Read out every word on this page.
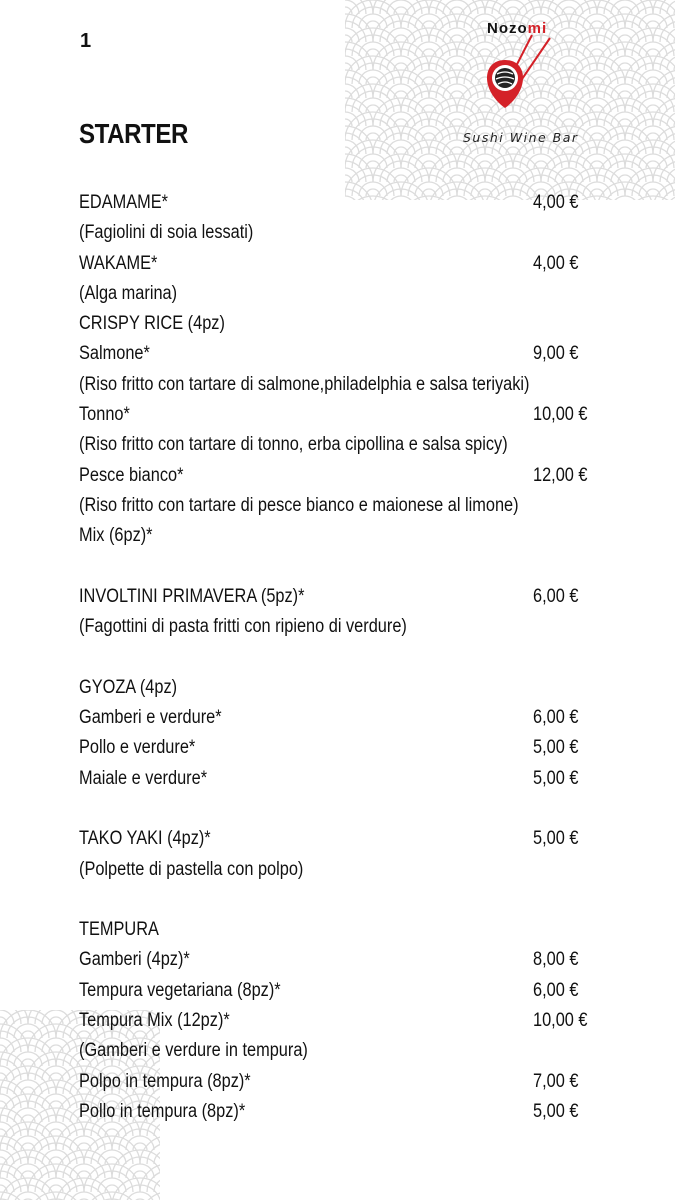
1
Nozomi
Sushi Wine Bar
STARTER
EDAMAME*	4,00 €
(Fagiolini di soia lessati)
WAKAME*	4,00 €
(Alga marina)
CRISPY RICE (4pz)
Salmone*	9,00 €
(Riso fritto con tartare di salmone,philadelphia e salsa teriyaki)
Tonno*	10,00 €
(Riso fritto con tartare di tonno, erba cipollina e salsa spicy)
Pesce bianco*	12,00 €
(Riso fritto con tartare di pesce bianco e maionese al limone)
Mix (6pz)*
INVOLTINI PRIMAVERA (5pz)*	6,00 €
(Fagottini di pasta fritti con ripieno di verdure)
GYOZA (4pz)
Gamberi e verdure*	6,00 €
Pollo e verdure*	5,00 €
Maiale e verdure*	5,00 €
TAKO YAKI (4pz)*	5,00 €
(Polpette di pastella con polpo)
TEMPURA
Gamberi (4pz)*	8,00 €
Tempura vegetariana (8pz)*	6,00 €
Tempura Mix (12pz)*	10,00 €
(Gamberi e verdure in tempura)
Polpo in tempura (8pz)*	7,00 €
Pollo in tempura (8pz)*	5,00 €
